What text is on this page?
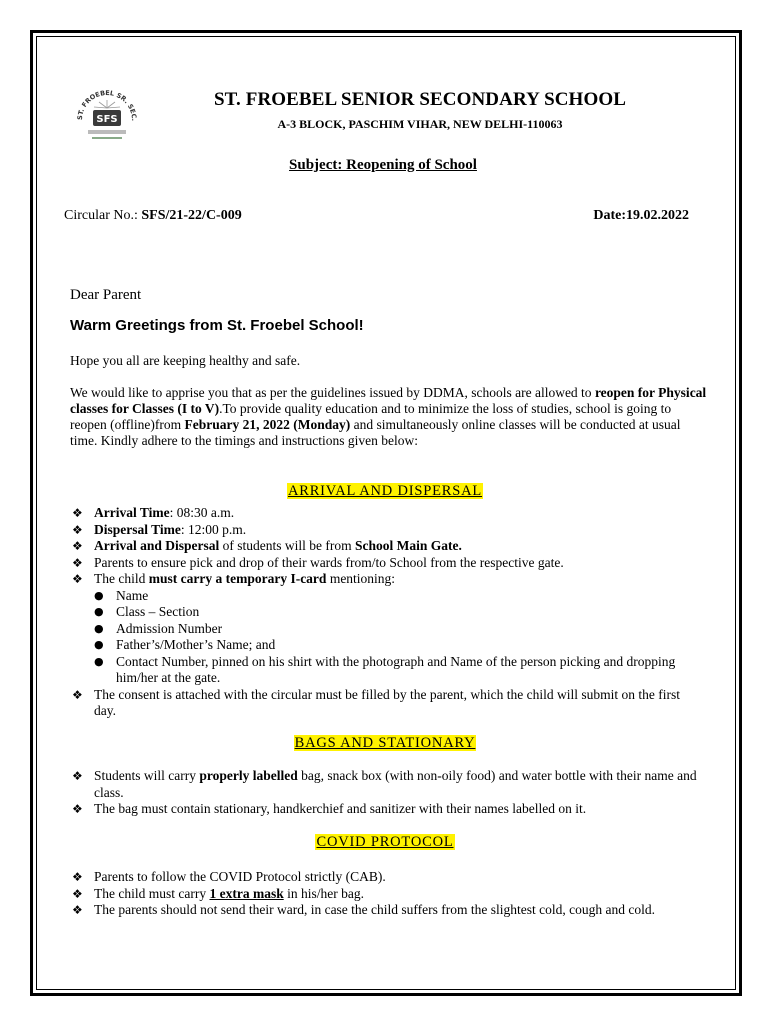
ST. FROEBEL SR. SEC.
SFS
ST. FROEBEL SENIOR SECONDARY SCHOOL
A-3 BLOCK, PASCHIM VIHAR, NEW DELHI-110063
Subject: Reopening of School
Circular No.: SFS/21-22/C-009	Date:19.02.2022
Dear Parent
Warm Greetings from St. Froebel School!
Hope you all are keeping healthy and safe.
We would like to apprise you that as per the guidelines issued by DDMA, schools are allowed to reopen for Physical classes for Classes (I to V).To provide quality education and to minimize the loss of studies, school is going to reopen (offline)from February 21, 2022 (Monday) and simultaneously online classes will be conducted at usual time. Kindly adhere to the timings and instructions given below:
ARRIVAL AND DISPERSAL
❖ Arrival Time: 08:30 a.m.
❖ Dispersal Time: 12:00 p.m.
❖ Arrival and Dispersal of students will be from School Main Gate.
❖ Parents to ensure pick and drop of their wards from/to School from the respective gate.
❖ The child must carry a temporary I-card mentioning:
● Name
● Class – Section
● Admission Number
● Father’s/Mother’s Name; and
● Contact Number, pinned on his shirt with the photograph and Name of the person picking and dropping him/her at the gate.
❖ The consent is attached with the circular must be filled by the parent, which the child will submit on the first day.
BAGS AND STATIONARY
❖ Students will carry properly labelled bag, snack box (with non-oily food) and water bottle with their name and class.
❖ The bag must contain stationary, handkerchief and sanitizer with their names labelled on it.
COVID PROTOCOL
❖ Parents to follow the COVID Protocol strictly (CAB).
❖ The child must carry 1 extra mask in his/her bag.
❖ The parents should not send their ward, in case the child suffers from the slightest cold, cough and cold.
